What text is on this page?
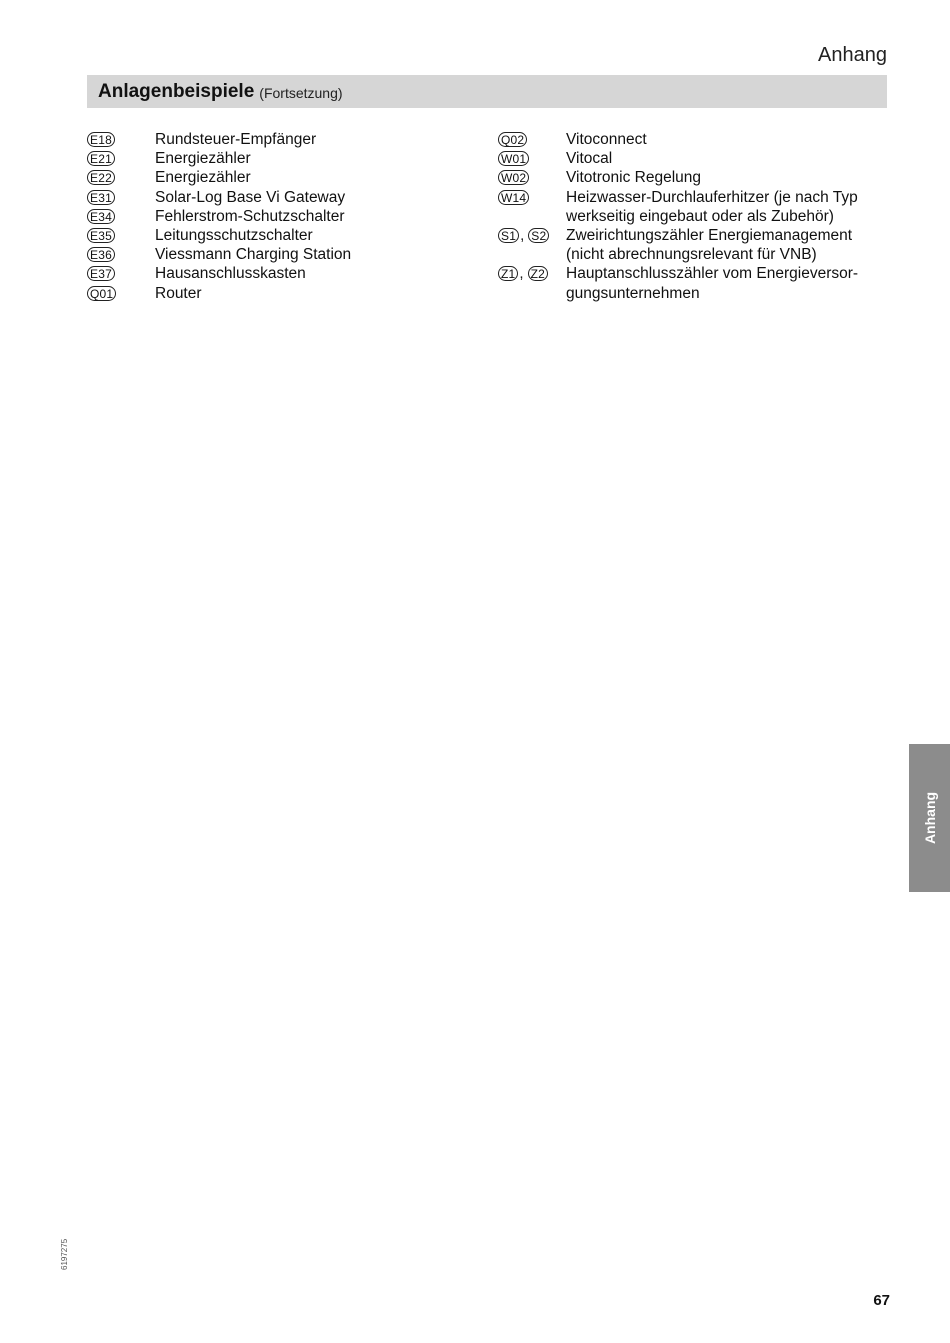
Anhang
Anlagenbeispiele (Fortsetzung)
E18	Rundsteuer-Empfänger
E21	Energiezähler
E22	Energiezähler
E31	Solar-Log Base Vi Gateway
E34	Fehlerstrom-Schutzschalter
E35	Leitungsschutzschalter
E36	Viessmann Charging Station
E37	Hausanschlusskasten
Q01	Router
Q02	Vitoconnect
W01	Vitocal
W02	Vitotronic Regelung
W14	Heizwasser-Durchlauferhitzer (je nach Typ
werkseitig eingebaut oder als Zubehör)
S1 , S2 Zweirichtungszähler Energiemanagement
(nicht abrechnungsrelevant für VNB)
Z1 , Z2 Hauptanschlusszähler vom Energieversor-
gungsunternehmen
Anhang
6197275
67
